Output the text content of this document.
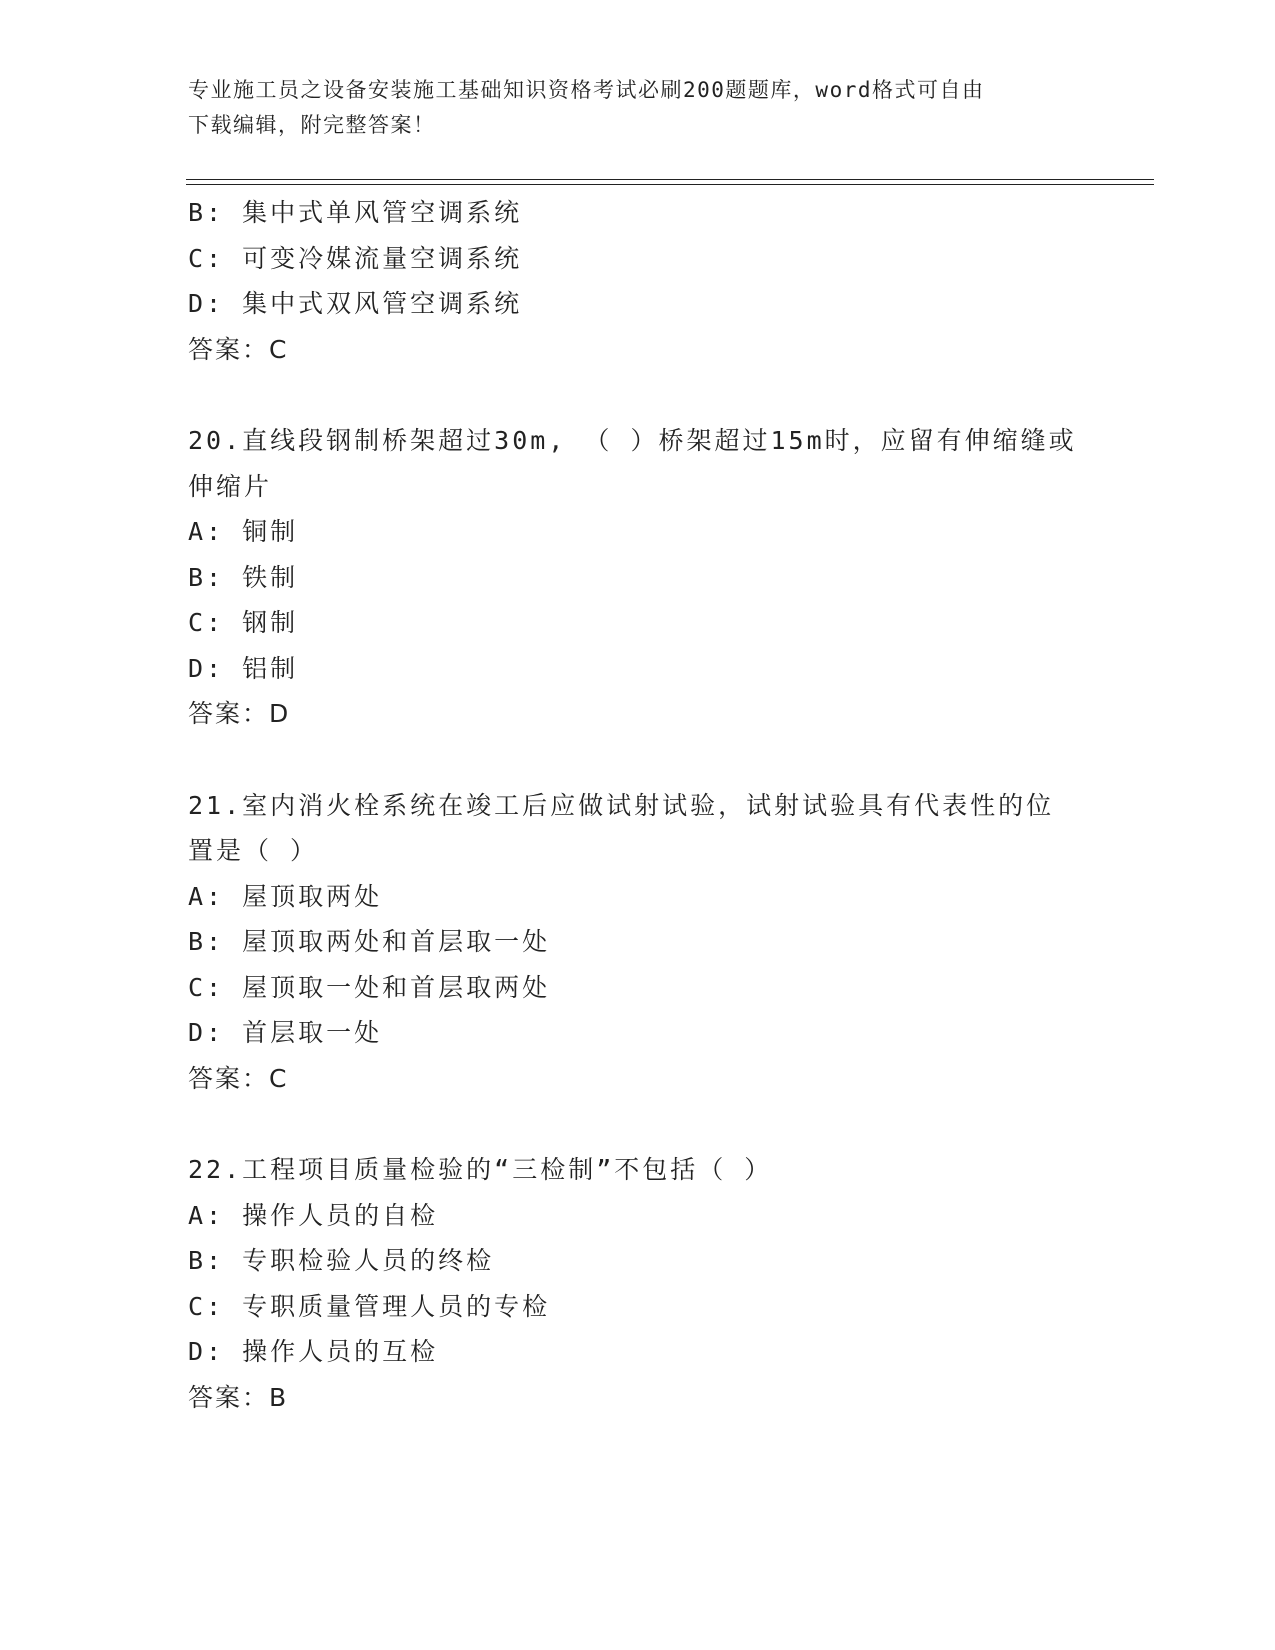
专业施工员之设备安装施工基础知识资格考试必刷200题题库，word格式可自由
下载编辑，附完整答案！
B: 集中式单风管空调系统
C: 可变冷媒流量空调系统
D: 集中式双风管空调系统
答案：C
20.直线段钢制桥架超过30m, （ ）桥架超过15m时，应留有伸缩缝或
伸缩片
A: 铜制
B: 铁制
C: 钢制
D: 铝制
答案：D
21.室内消火栓系统在竣工后应做试射试验，试射试验具有代表性的位
置是（ ）
A: 屋顶取两处
B: 屋顶取两处和首层取一处
C: 屋顶取一处和首层取两处
D: 首层取一处
答案：C
22.工程项目质量检验的“三检制”不包括（ ）
A: 操作人员的自检
B: 专职检验人员的终检
C: 专职质量管理人员的专检
D: 操作人员的互检
答案：B
